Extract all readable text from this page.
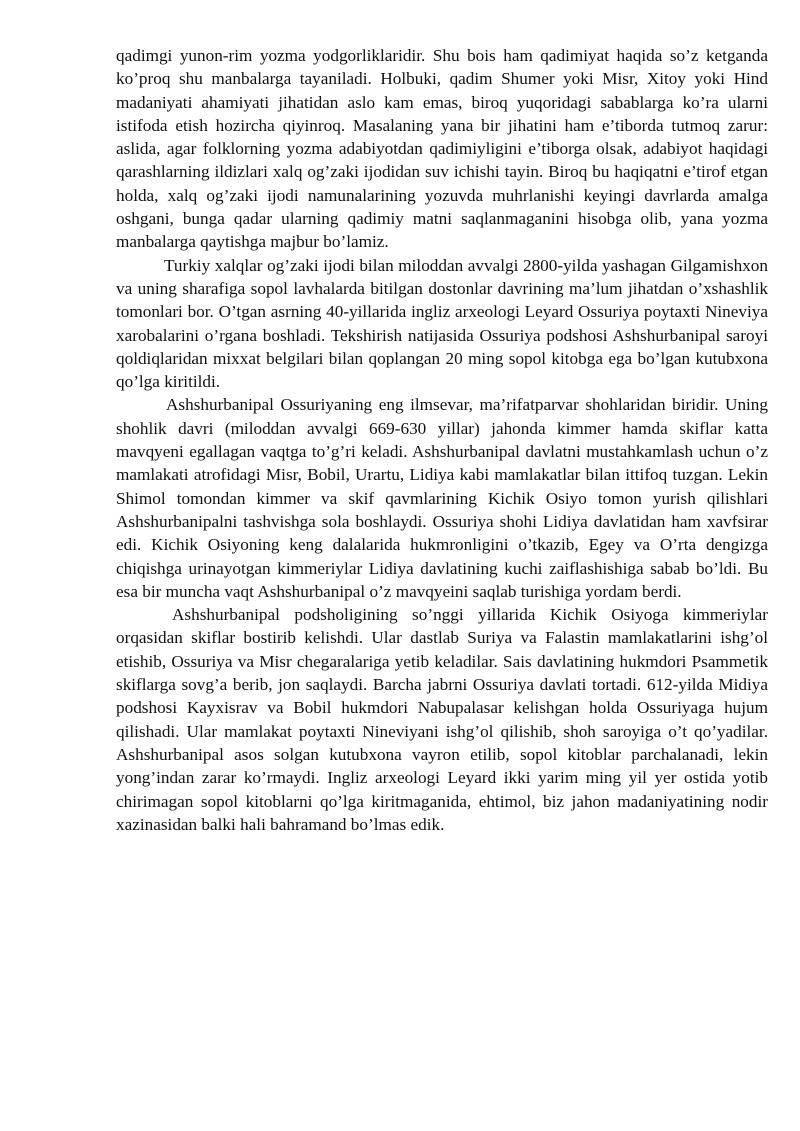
qadimgi yunon-rim yozma yodgorliklaridir. Shu bois ham qadimiyat haqida so’z ketganda ko’proq shu manbalarga tayaniladi. Holbuki, qadim Shumer yoki Misr, Xitoy yoki Hind madaniyati ahamiyati jihatidan aslo kam emas, biroq yuqoridagi sabablarga ko’ra ularni istifoda etish hozircha qiyinroq. Masalaning yana bir jihatini ham e’tiborda tutmoq zarur: aslida, agar folklorning yozma adabiyotdan qadimiyligini e’tiborga olsak, adabiyot haqidagi qarashlarning ildizlari xalq og’zaki ijodidan suv ichishi tayin. Biroq bu haqiqatni e’tirof etgan holda, xalq og’zaki ijodi namunalarining yozuvda muhrlanishi keyingi davrlarda amalga oshgani, bunga qadar ularning qadimiy matni saqlanmaganini hisobga olib, yana yozma manbalarga qaytishga majbur bo’lamiz.

Turkiy xalqlar og’zaki ijodi bilan miloddan avvalgi 2800-yilda yashagan Gilgamishxon va uning sharafiga sopol lavhalarda bitilgan dostonlar davrining ma’lum jihatdan o’xshashlik tomonlari bor. O’tgan asrning 40-yillarida ingliz arxeologi Leyard Ossuriya poytaxti Nineviya xarobalarini o’rgana boshladi. Tekshirish natijasida Ossuriya podshosi Ashshurbanipal saroyi qoldiqlaridan mixxat belgilari bilan qoplangan 20 ming sopol kitobga ega bo’lgan kutubxona qo’lga kiritildi.

Ashshurbanipal Ossuriyaning eng ilmsevar, ma’rifatparvar shohlaridan biridir. Uning shohlik davri (miloddan avvalgi 669-630 yillar) jahonda kimmer hamda skiflar katta mavqyeni egallagan vaqtga to’g’ri keladi. Ashshurbanipal davlatni mustahkamlash uchun o’z mamlakati atrofidagi Misr, Bobil, Urartu, Lidiya kabi mamlakatlar bilan ittifoq tuzgan. Lekin Shimol tomondan kimmer va skif qavmlarining Kichik Osiyo tomon yurish qilishlari Ashshurbanipalni tashvishga sola boshlaydi. Ossuriya shohi Lidiya davlatidan ham xavfsirar edi. Kichik Osiyoning keng dalalarida hukmronligini o’tkazib, Egey va O’rta dengizga chiqishga urinayotgan kimmeriylar Lidiya davlatining kuchi zaiflashishiga sabab bo’ldi. Bu esa bir muncha vaqt Ashshurbanipal o’z mavqyeini saqlab turishiga yordam berdi.

Ashshurbanipal podsholigining so’nggi yillarida Kichik Osiyoga kimmeriylar orqasidan skiflar bostirib kelishdi. Ular dastlab Suriya va Falastin mamlakatlarini ishg’ol etishib, Ossuriya va Misr chegaralariga yetib keladilar. Sais davlatining hukmdori Psammetik skiflarga sovg’a berib, jon saqlaydi. Barcha jabrni Ossuriya davlati tortadi. 612-yilda Midiya podshosi Kayxisrav va Bobil hukmdori Nabupalasar kelishgan holda Ossuriyaga hujum qilishadi. Ular mamlakat poytaxti Nineviyani ishg’ol qilishib, shoh saroyiga o’t qo’yadilar. Ashshurbanipal asos solgan kutubxona vayron etilib, sopol kitoblar parchalanadi, lekin yong’indan zarar ko’rmaydi. Ingliz arxeologi Leyard ikki yarim ming yil yer ostida yotib chirimagan sopol kitoblarni qo’lga kiritmaganida, ehtimol, biz jahon madaniyatining nodir xazinasidan balki hali bahramand bo’lmas edik.
